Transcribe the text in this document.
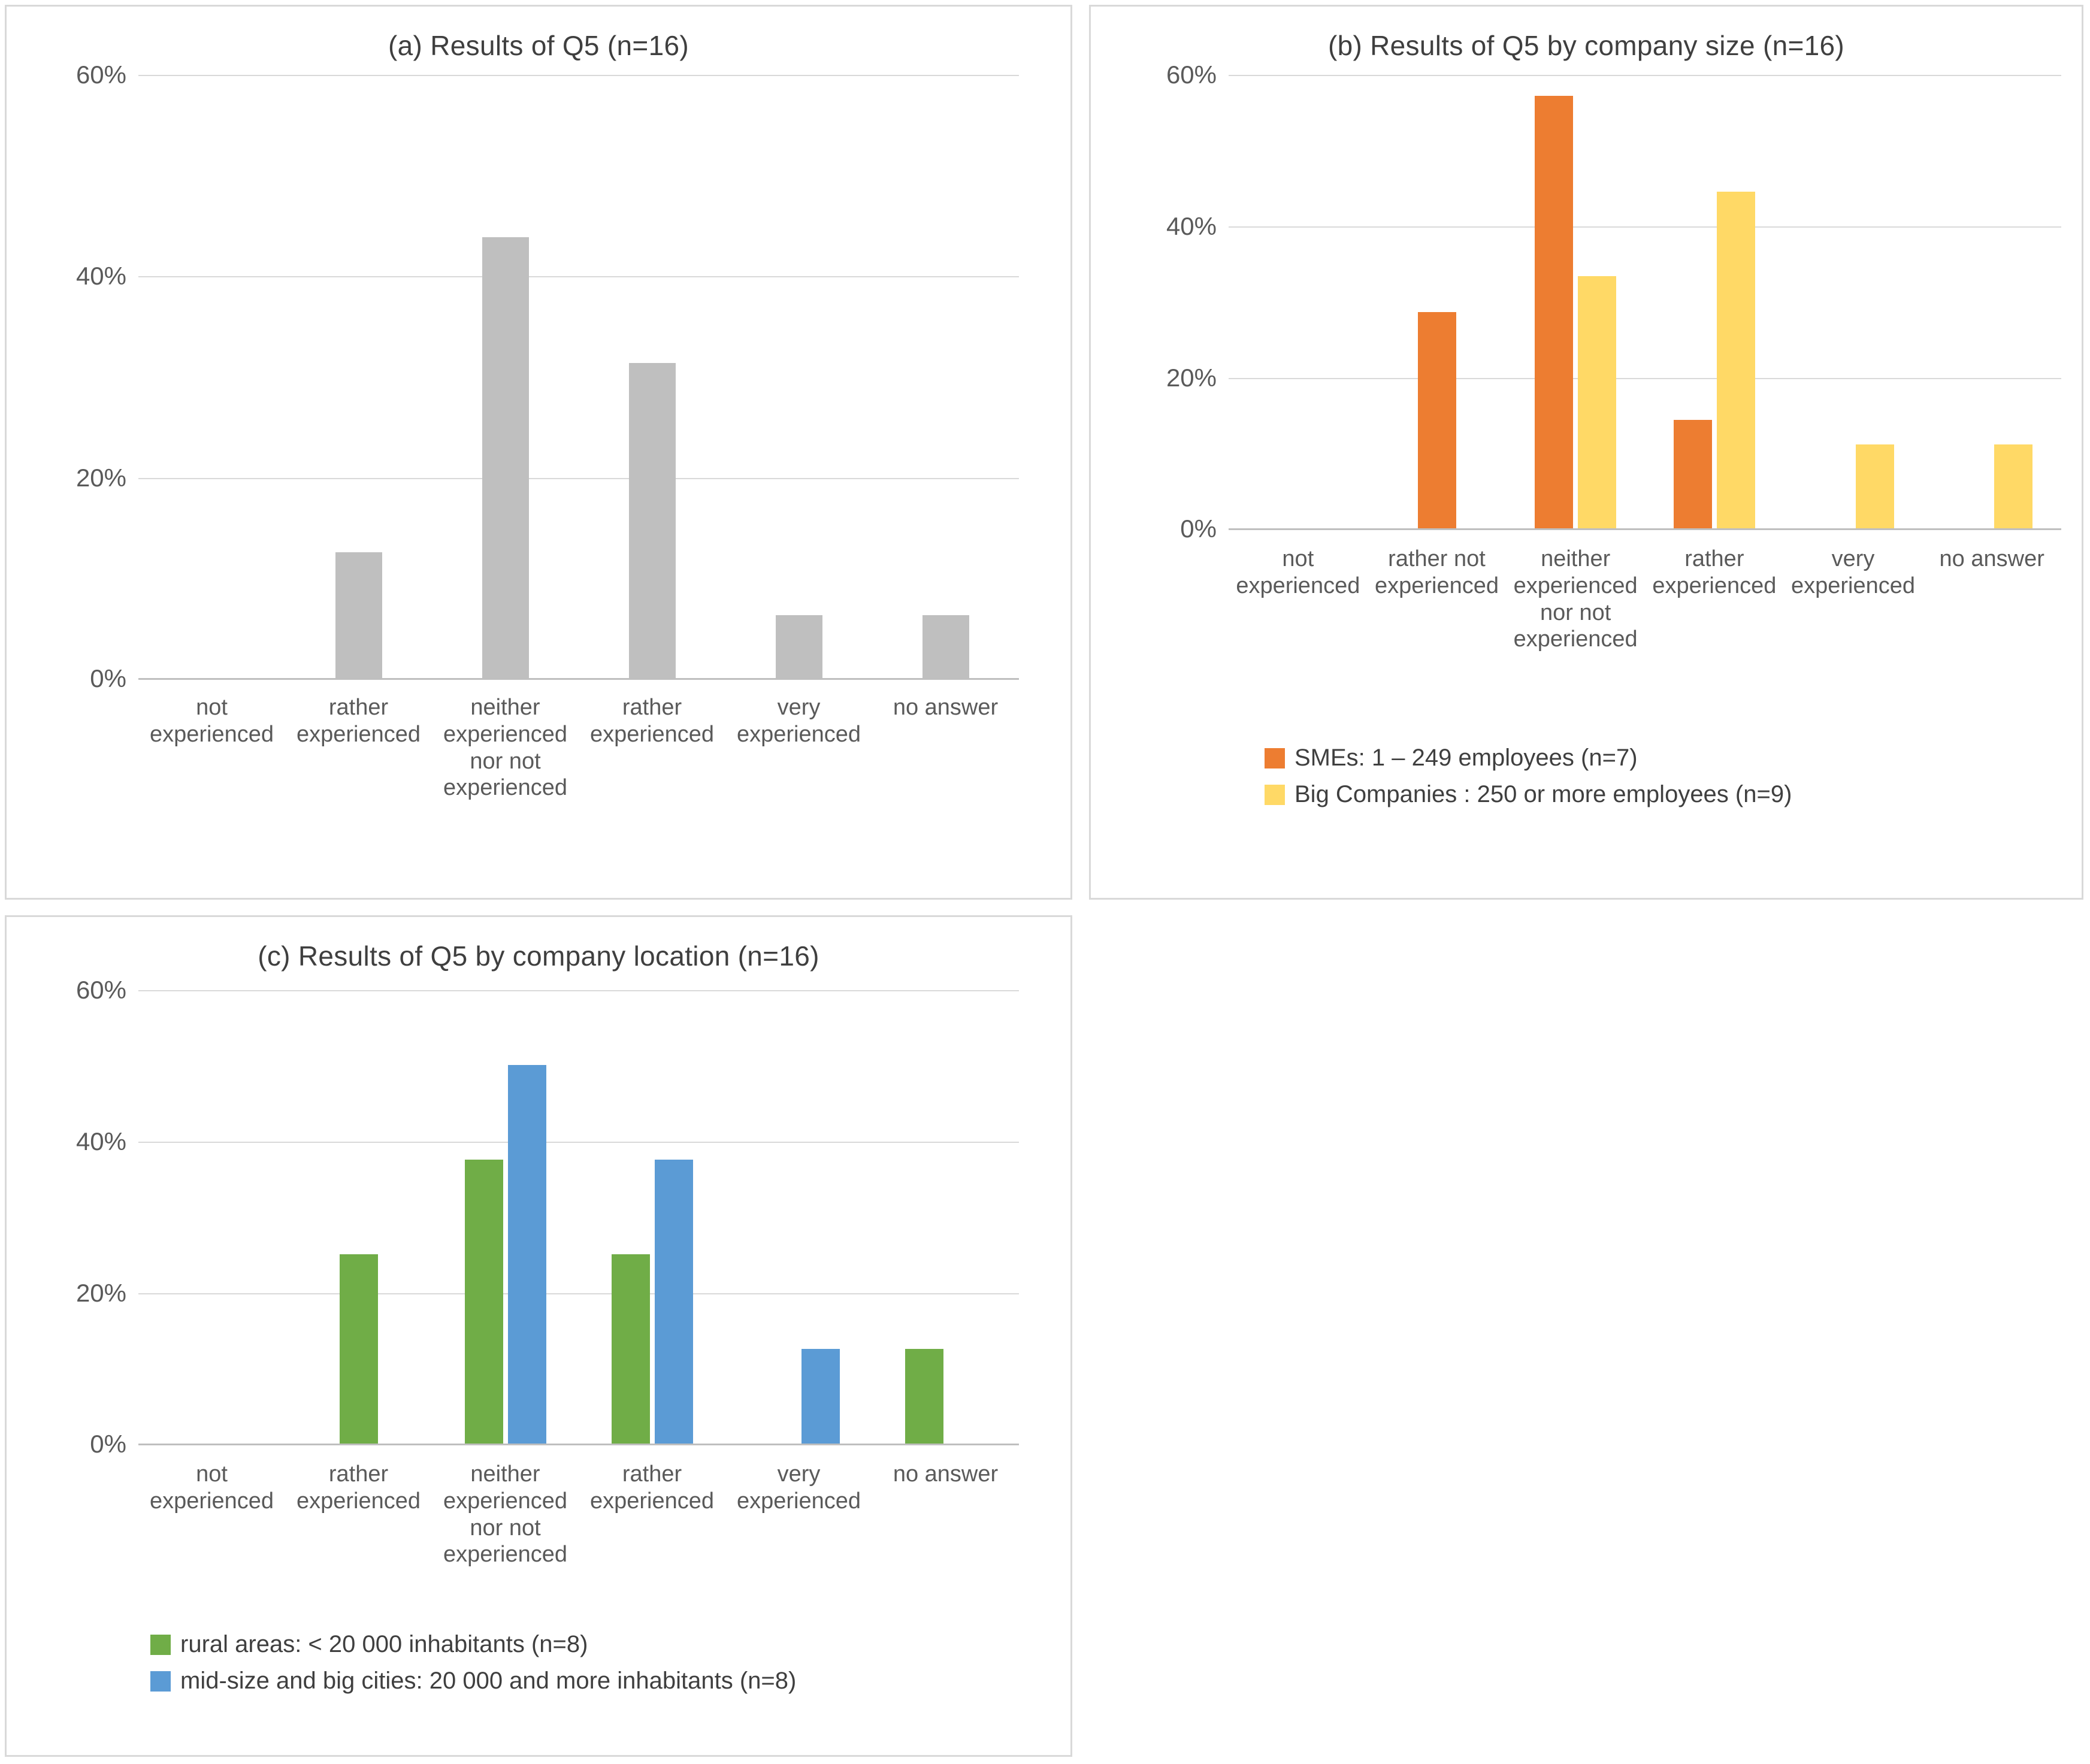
(a) Results of Q5 (n=16)
60%
40%
20%
0%
not
experienced
rather
experienced
neither
experienced
nor not
experienced
rather
experienced
very
experienced
no answer
(b) Results of Q5 by company size (n=16)
60%
40%
20%
0%
not
experienced
rather not
experienced
neither
experienced
nor not
experienced
rather
experienced
very
experienced
no answer
SMEs: 1 – 249 employees (n=7)
Big Companies : 250 or more employees (n=9)
(c) Results of Q5 by company location (n=16)
60%
40%
20%
0%
not
experienced
rather
experienced
neither
experienced
nor not
experienced
rather
experienced
very
experienced
no answer
rural areas: < 20 000 inhabitants (n=8)
mid-size and big cities: 20 000 and more inhabitants (n=8)
